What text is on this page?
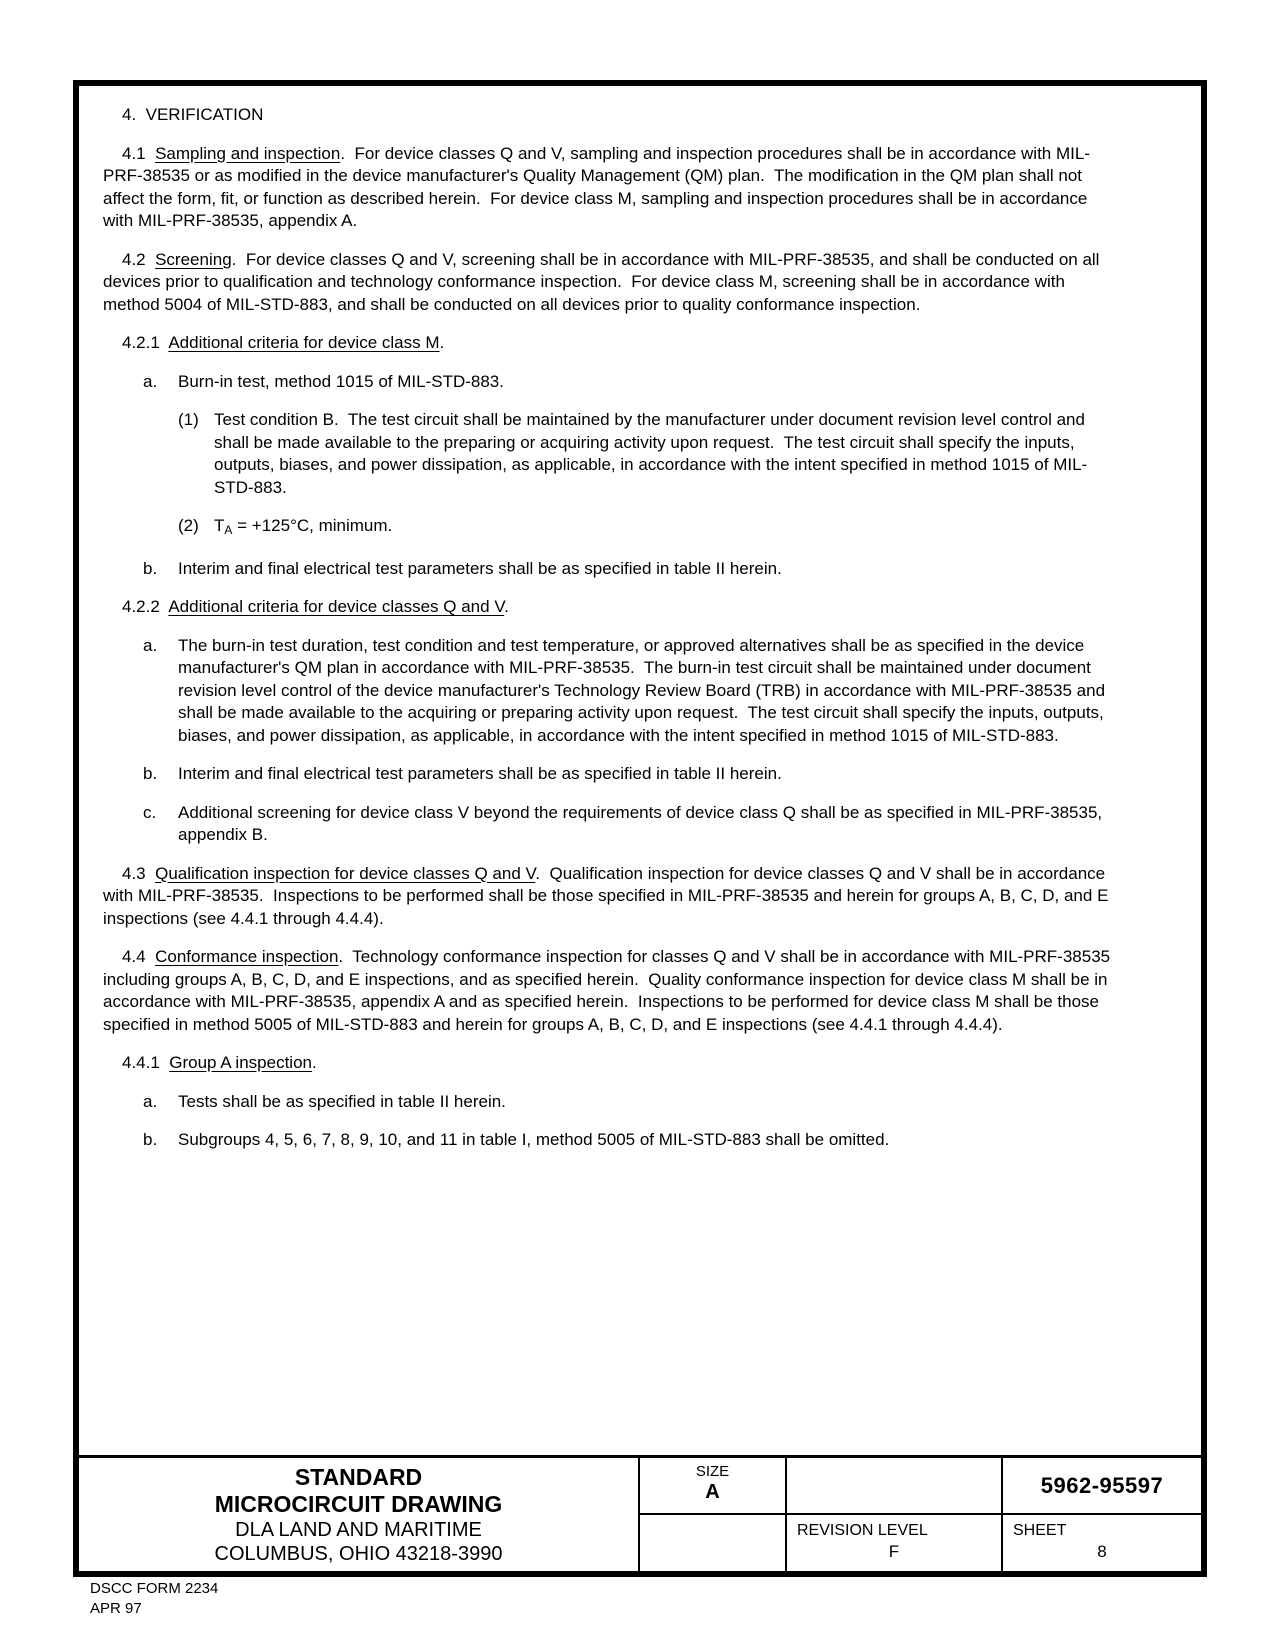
4.  VERIFICATION

4.1  Sampling and inspection.  For device classes Q and V, sampling and inspection procedures shall be in accordance with MIL-PRF-38535 or as modified in the device manufacturer's Quality Management (QM) plan.  The modification in the QM plan shall not affect the form, fit, or function as described herein.  For device class M, sampling and inspection procedures shall be in accordance with MIL-PRF-38535, appendix A.

4.2  Screening.  For device classes Q and V, screening shall be in accordance with MIL-PRF-38535, and shall be conducted on all devices prior to qualification and technology conformance inspection.  For device class M, screening shall be in accordance with method 5004 of MIL-STD-883, and shall be conducted on all devices prior to quality conformance inspection.

4.2.1  Additional criteria for device class M.

a. Burn-in test, method 1015 of MIL-STD-883.
(1) Test condition B.  The test circuit shall be maintained by the manufacturer under document revision level control and shall be made available to the preparing or acquiring activity upon request.  The test circuit shall specify the inputs, outputs, biases, and power dissipation, as applicable, in accordance with the intent specified in method 1015 of MIL-STD-883.
(2) $T_A = +125^\circ C$, minimum.
b. Interim and final electrical test parameters shall be as specified in table II herein.

4.2.2  Additional criteria for device classes Q and V.

a. The burn-in test duration, test condition and test temperature, or approved alternatives shall be as specified in the device manufacturer's QM plan in accordance with MIL-PRF-38535.  The burn-in test circuit shall be maintained under document revision level control of the device manufacturer's Technology Review Board (TRB) in accordance with MIL-PRF-38535 and shall be made available to the acquiring or preparing activity upon request.  The test circuit shall specify the inputs, outputs, biases, and power dissipation, as applicable, in accordance with the intent specified in method 1015 of MIL-STD-883.
b. Interim and final electrical test parameters shall be as specified in table II herein.
c. Additional screening for device class V beyond the requirements of device class Q shall be as specified in MIL-PRF-38535, appendix B.

4.3  Qualification inspection for device classes Q and V.  Qualification inspection for device classes Q and V shall be in accordance with MIL-PRF-38535.  Inspections to be performed shall be those specified in MIL-PRF-38535 and herein for groups A, B, C, D, and E inspections (see 4.4.1 through 4.4.4).

4.4  Conformance inspection.  Technology conformance inspection for classes Q and V shall be in accordance with MIL-PRF-38535 including groups A, B, C, D, and E inspections, and as specified herein.  Quality conformance inspection for device class M shall be in accordance with MIL-PRF-38535, appendix A and as specified herein.  Inspections to be performed for device class M shall be those specified in method 5005 of MIL-STD-883 and herein for groups A, B, C, D, and E inspections (see 4.4.1 through 4.4.4).

4.4.1  Group A inspection.

a. Tests shall be as specified in table II herein.
b. Subgroups 4, 5, 6, 7, 8, 9, 10, and 11 in table I, method 5005 of MIL-STD-883 shall be omitted.
STANDARD
MICROCIRCUIT DRAWING
DLA LAND AND MARITIME
COLUMBUS, OHIO 43218-3990
SIZE
A
REVISION LEVEL
F
5962-95597
SHEET
8
DSCC FORM 2234
APR 97
